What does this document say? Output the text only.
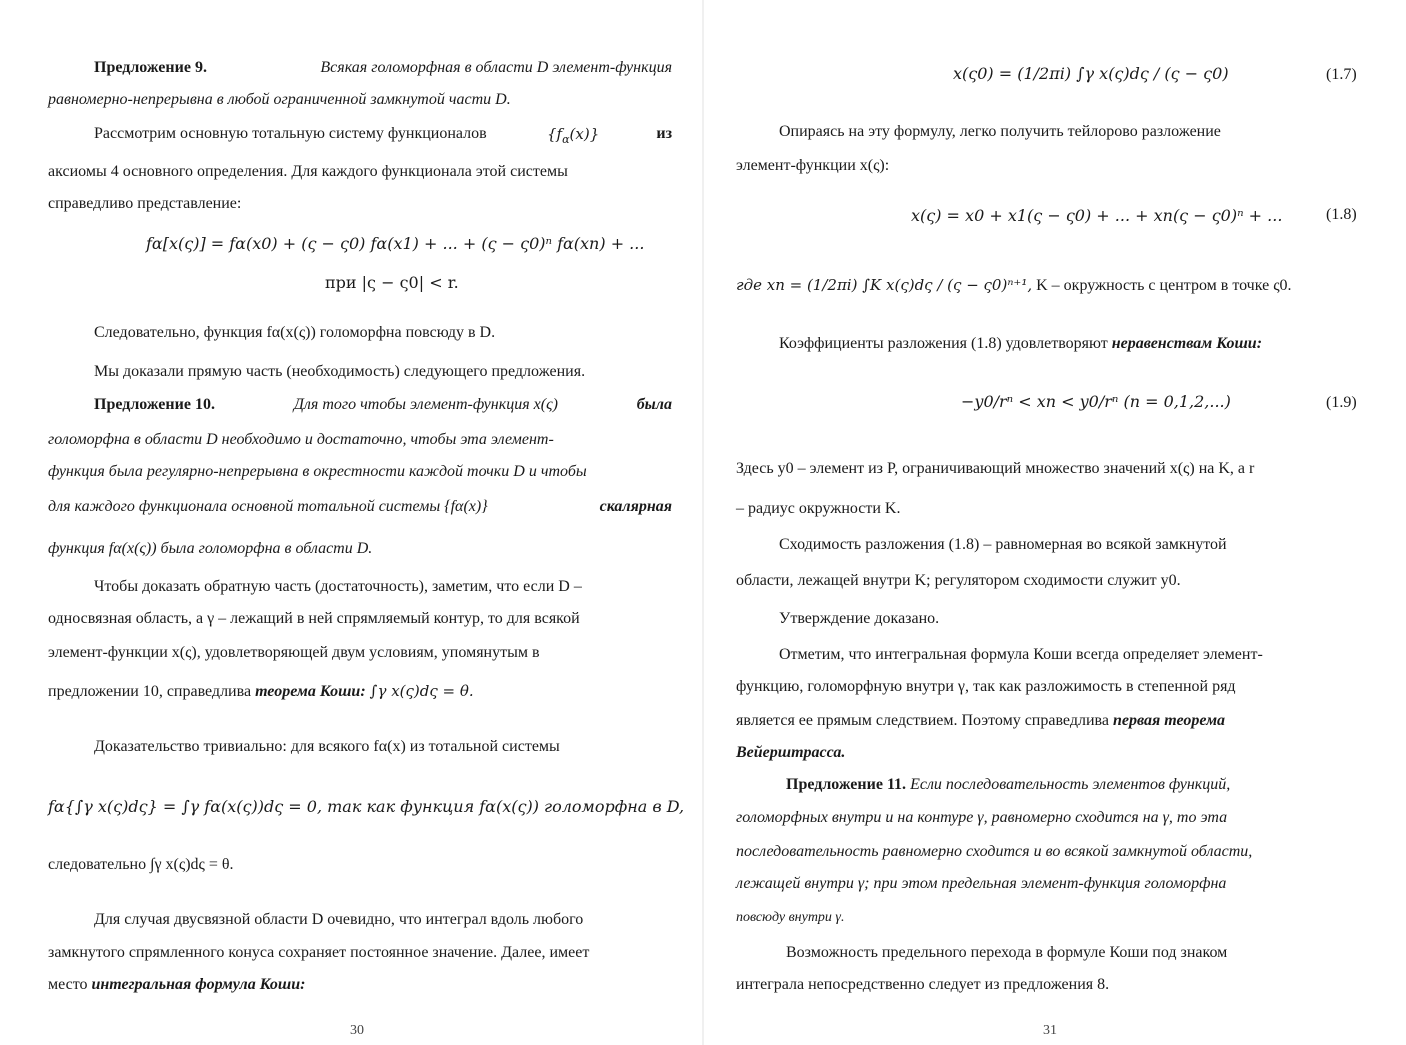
Предложение 9.	Всякая голоморфная в области D элемент-функция
равномерно-непрерывна в любой ограниченной замкнутой части D.
Рассмотрим основную тотальную систему функционалов	$\{f_\alpha(x)\}$	из
аксиомы 4 основного определения. Для каждого функционала этой системы
справедливо представление:
fα[x(ς)] = fα(x0) + (ς − ς0) fα(x1) + ... + (ς − ς0)ⁿ fα(xn) + ...
при |ς − ς0| < r.
Следовательно, функция fα(x(ς)) голоморфна повсюду в D.
Мы доказали прямую часть (необходимость) следующего предложения.
Предложение 10.	Для того чтобы элемент-функция x(ς)	была
голоморфна в области D необходимо и достаточно, чтобы эта элемент-
функция была регулярно-непрерывна в окрестности каждой точки D и чтобы
для каждого функционала основной тотальной системы {fα(x)}	скалярная
функция fα(x(ς)) была голоморфна в области D.
Чтобы доказать обратную часть (достаточность), заметим, что если D –
односвязная область, а γ – лежащий в ней спрямляемый контур, то для всякой
элемент-функции x(ς), удовлетворяющей двум условиям, упомянутым в
предложении 10, справедлива теорема Коши: ∫γ x(ς)dς = θ.
Доказательство тривиально: для всякого fα(x) из тотальной системы
fα{∫γ x(ς)dς} = ∫γ fα(x(ς))dς = 0, так как функция fα(x(ς)) голоморфна в D,
следовательно ∫γ x(ς)dς = θ.
Для случая двусвязной области D очевидно, что интеграл вдоль любого
замкнутого спрямленного конуса сохраняет постоянное значение. Далее, имеет
место интегральная формула Коши:
30
x(ς0) = (1/2πi) ∫γ x(ς)dς / (ς − ς0)	(1.7)
Опираясь на эту формулу, легко получить тейлорово разложение
элемент-функции x(ς):
x(ς) = x0 + x1(ς − ς0) + ... + xn(ς − ς0)ⁿ + ...	(1.8)
где xn = (1/2πi) ∫K x(ς)dς / (ς − ς0)ⁿ⁺¹, K – окружность с центром в точке ς0.
Коэффициенты разложения (1.8) удовлетворяют неравенствам Коши:
−y0/rⁿ < xn < y0/rⁿ (n = 0,1,2,...)	(1.9)
Здесь y0 – элемент из P, ограничивающий множество значений x(ς) на K, а r
– радиус окружности K.
Сходимость разложения (1.8) – равномерная во всякой замкнутой
области, лежащей внутри K; регулятором сходимости служит y0.
Утверждение доказано.
Отметим, что интегральная формула Коши всегда определяет элемент-
функцию, голоморфную внутри γ, так как разложимость в степенной ряд
является ее прямым следствием. Поэтому справедлива первая теорема
Вейерштрасса.
Предложение 11. Если последовательность элементов функций,
голоморфных внутри и на контуре γ, равномерно сходится на γ, то эта
последовательность равномерно сходится и во всякой замкнутой области,
лежащей внутри γ; при этом предельная элемент-функция голоморфна
повсюду внутри γ.
Возможность предельного перехода в формуле Коши под знаком
интеграла непосредственно следует из предложения 8.
31
